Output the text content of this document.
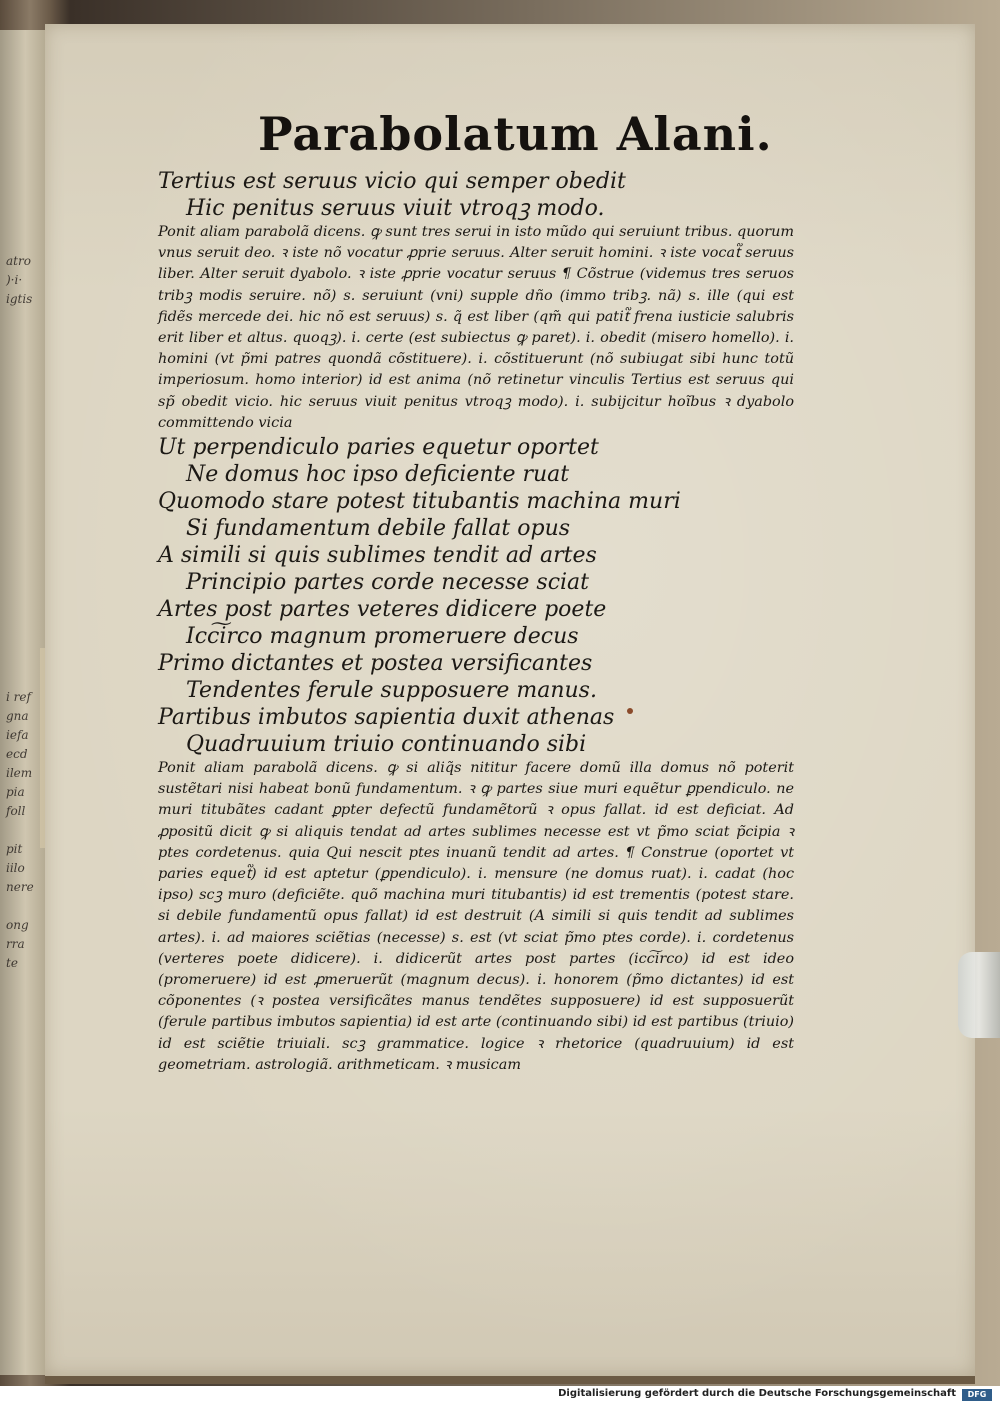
atro
)·i·
igtis
i ref
gna
iefa
ecd
ilem
pia
foll
pit
iilo
nere
ong
rra
te
Parabolatum Alani.

Tertius est seruus vicio qui semper obedit

Hic penitus seruus viuit vtroqꝫ modo.

Ponit aliam parabolã dicens. ꝙ sunt tres serui in isto mũdo qui seruiunt tribus. quorum vnus seruit deo. ꝛ iste nõ vocatur ꝓprie seruus. Alter seruit homini. ꝛ iste vocat᷑ seruus liber. Alter seruit dyabolo. ꝛ iste ꝓprie vocatur seruus ¶ Cõstrue (videmus tres seruos tribꝫ modis seruire. nõ) s. seruiunt (vni) supple dño (immo tribꝫ. nã) s. ille (qui est fidẽs mercede dei. hic nõ est seruus) s. q̃ est liber (qm̃ qui patit᷑ frena iusticie salubris erit liber et altus. quoqꝫ). i. certe (est subiectus ꝙ paret). i. obedit (misero homello). i. homini (vt p̃mi patres quondã cõstituere). i. cõstituerunt (nõ subiugat sibi hunc totũ imperiosum. homo interior) id est anima (nõ retinetur vinculis Tertius est seruus qui sp̃ obedit vicio. hic seruus viuit penitus vtroqꝫ modo). i. subijcitur hoĩbus ꝛ dyabolo committendo vicia

Ut perpendiculo paries equetur oportet

Ne domus hoc ipso deficiente ruat

Quomodo stare potest titubantis machina muri

Si fundamentum debile fallat opus

A simili si quis sublimes tendit ad artes

Principio partes corde necesse sciat

Artes post partes veteres didicere poete

Icc͠irco magnum promeruere decus

Primo dictantes et postea versificantes

Tendentes ferule supposuere manus.

Partibus imbutos sapientia duxit athenas

Quadruuium triuio continuando sibi

Ponit aliam parabolã dicens. ꝙ si aliq̃s nititur facere domũ illa domus nõ poterit sustẽtari nisi habeat bonũ fundamentum. ꝛ ꝙ partes siue muri equẽtur ꝑpendiculo. ne muri titubãtes cadant ꝑpter defectũ fundamẽtorũ ꝛ opus fallat. id est deficiat. Ad ꝓpositũ dicit ꝙ si aliquis tendat ad artes sublimes necesse est vt p̃mo sciat p̃cipia ꝛ ptes cordetenus. quia Qui nescit ptes inuanũ tendit ad artes. ¶ Construe (oportet vt paries equet᷑) id est aptetur (ꝑpendiculo). i. mensure (ne domus ruat). i. cadat (hoc ipso) scꝫ muro (deficiẽte. quõ machina muri titubantis) id est trementis (potest stare. si debile fundamentũ opus fallat) id est destruit (A simili si quis tendit ad sublimes artes). i. ad maiores sciẽtias (necesse) s. est (vt sciat p̃mo ptes corde). i. cordetenus (verteres poete didicere). i. didicerũt artes post partes (icc͠irco) id est ideo (promeruere) id est ꝓmeruerũt (magnum decus). i. honorem (p̃mo dictantes) id est cõponentes (ꝛ postea versificãtes manus tendẽtes supposuere) id est supposuerũt (ferule partibus imbutos sapientia) id est arte (continuando sibi) id est partibus (triuio) id est sciẽtie triuiali. scꝫ grammatice. logice ꝛ rhetorice (quadruuium) id est geometriam. astrologiã. arithmeticam. ꝛ musicam

Digitalisierung gefördert durch die Deutsche Forschungsgemeinschaft	DFG
